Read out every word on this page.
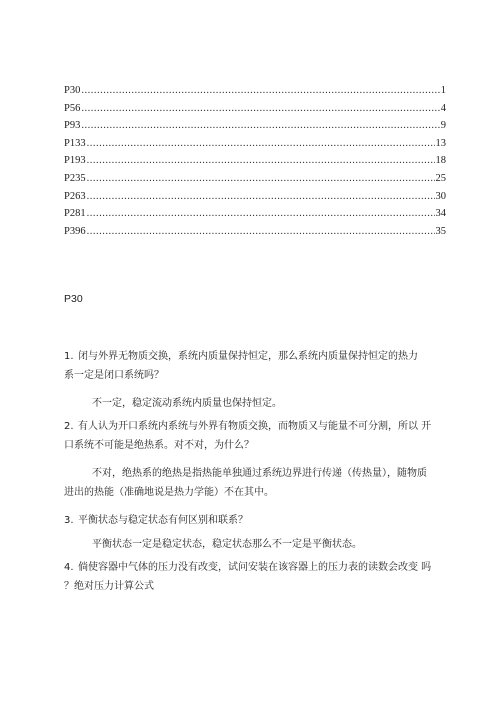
P30 .....	1
P56 .....	4
P93 .....	9
P133 .....	13
P193 .....	18
P235 .....	25
P263 .....	30
P281 .....	34
P396 .....	35
P30
1. 闭与外界无物质交换，系统内质量保持恒定，那么系统内质量保持恒定的热力
系一定是闭口系统吗？
不一定，稳定流动系统内质量也保持恒定。
2. 有人认为开口系统内系统与外界有物质交换，而物质又与能量不可分割，所以 开
口系统不可能是绝热系。对不对，为什么？
不对，绝热系的绝热是指热能单独通过系统边界进行传递（传热量），随物质
进出的热能（准确地说是热力学能）不在其中。
3. 平衡状态与稳定状态有何区别和联系？
平衡状态一定是稳定状态，稳定状态那么不一定是平衡状态。
4. 倘使容器中气体的压力没有改变，试问安装在该容器上的压力表的读数会改变 吗
？绝对压力计算公式
